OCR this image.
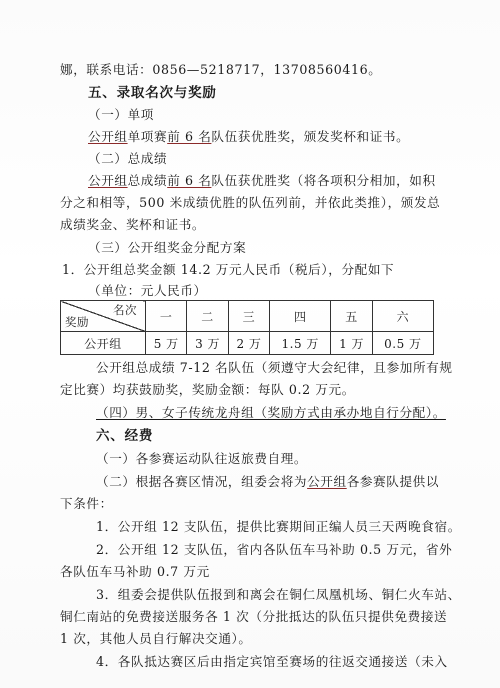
娜，联系电话：0856—5218717，13708560416。
五、录取名次与奖励
（一）单项
公开组单项赛前 6 名队伍获优胜奖，颁发奖杯和证书。
（二）总成绩
公开组总成绩前 6 名队伍获优胜奖（将各项积分相加，如积
分之和相等，500 米成绩优胜的队伍列前，并依此类推），颁发总
成绩奖金、奖杯和证书。
（三）公开组奖金分配方案
1．公开组总奖金额 14.2 万元人民币（税后），分配如下
名次
奖励	一	二	三	四	五	六
公开组	5 万	3 万	2 万	1.5 万	1 万	0.5 万
（单位：元人民币）
公开组总成绩 7-12 名队伍（须遵守大会纪律，且参加所有规
定比赛）均获鼓励奖，奖励金额：每队 0.2 万元。
（四）男、女子传统龙舟组（奖励方式由承办地自行分配）。
六、经费
（一）各参赛运动队往返旅费自理。
（二）根据各赛区情况，组委会将为公开组各参赛队提供以
下条件：
1．公开组 12 支队伍，提供比赛期间正编人员三天两晚食宿。
2．公开组 12 支队伍，省内各队伍车马补助 0.5 万元，省外
各队伍车马补助 0.7 万元
3．组委会提供队伍报到和离会在铜仁凤凰机场、铜仁火车站、
铜仁南站的免费接送服务各 1 次（分批抵达的队伍只提供免费接送
1 次，其他人员自行解决交通）。
4．各队抵达赛区后由指定宾馆至赛场的往返交通接送（未入
